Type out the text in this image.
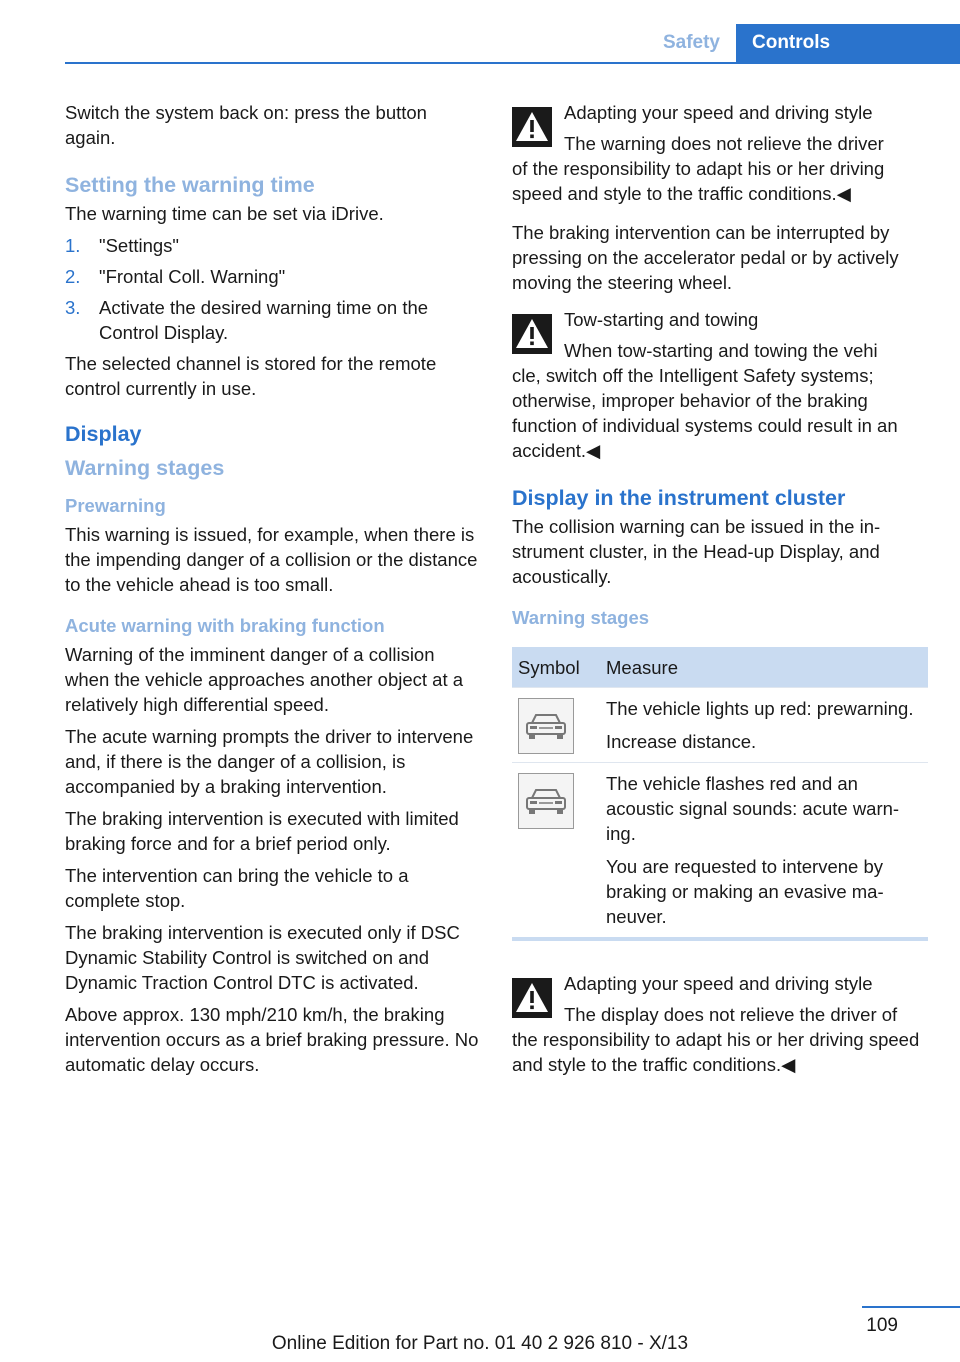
Safety	Controls

Switch the system back on: press the button again.

Setting the warning time

The warning time can be set via iDrive.

1. "Settings"
2. "Frontal Coll. Warning"
3. Activate the desired warning time on the Control Display.

The selected channel is stored for the remote control currently in use.

Display
Warning stages
Prewarning

This warning is issued, for example, when there is the impending danger of a collision or the distance to the vehicle ahead is too small.

Acute warning with braking function

Warning of the imminent danger of a collision when the vehicle approaches another object at a relatively high differential speed.

The acute warning prompts the driver to intervene and, if there is the danger of a collision, is accompanied by a braking intervention.

The braking intervention is executed with limited braking force and for a brief period only.

The intervention can bring the vehicle to a complete stop.

The braking intervention is executed only if DSC Dynamic Stability Control is switched on and Dynamic Traction Control DTC is activated.

Above approx. 130 mph/210 km/h, the braking intervention occurs as a brief braking pressure. No automatic delay occurs.

Adapting your speed and driving style
The warning does not relieve the driver
of the responsibility to adapt his or her driving speed and style to the traffic conditions.◀

The braking intervention can be interrupted by pressing on the accelerator pedal or by actively moving the steering wheel.

Tow-starting and towing
When tow-starting and towing the vehi
cle, switch off the Intelligent Safety systems; otherwise, improper behavior of the braking function of individual systems could result in an accident.◀
Display in the instrument cluster

The collision warning can be issued in the instrument cluster, in the Head-up Display, and acoustically.

Warning stages
Symbol	Measure

The vehicle lights up red: prewarning.

Increase distance.

The vehicle flashes red and an acoustic signal sounds: acute warning.

You are requested to intervene by braking or making an evasive maneuver.

Adapting your speed and driving style
The display does not relieve the driver of
the responsibility to adapt his or her driving speed and style to the traffic conditions.◀
109
Online Edition for Part no. 01 40 2 926 810 - X/13
